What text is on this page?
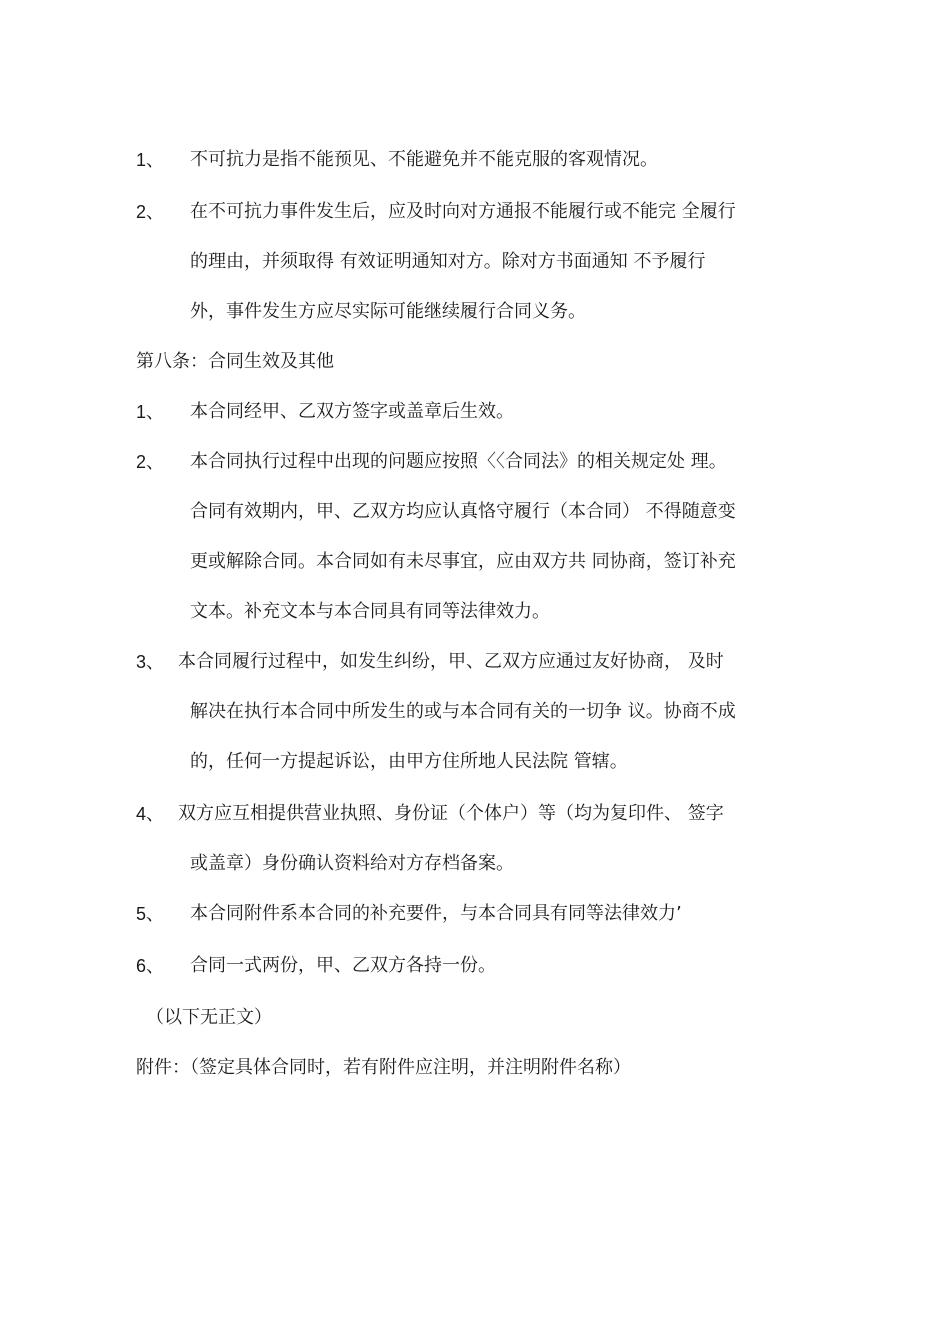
1、 不可抗力是指不能预见、不能避免并不能克服的客观情况。
2、 在不可抗力事件发生后，应及时向对方通报不能履行或不能完 全履行
的理由，并须取得 有效证明通知对方。除对方书面通知 不予履行
外，事件发生方应尽实际可能继续履行合同义务。
第八条：合同生效及其他
1、 本合同经甲、乙双方签字或盖章后生效。
2、 本合同执行过程中出现的问题应按照〈〈合同法》的相关规定处 理。
合同有效期内，甲、乙双方均应认真恪守履行（本合同） 不得随意变
更或解除合同。本合同如有未尽事宜，应由双方共 同协商，签订补充
文本。补充文本与本合同具有同等法律效力。
3、 本合同履行过程中，如发生纠纷，甲、乙双方应通过友好协商， 及时
解决在执行本合同中所发生的或与本合同有关的一切争 议。协商不成
的，任何一方提起诉讼，由甲方住所地人民法院 管辖。
4、 双方应互相提供营业执照、身份证（个体户）等（均为复印件、 签字
或盖章）身份确认资料给对方存档备案。
5、 本合同附件系本合同的补充要件，与本合同具有同等法律效力’
6、 合同一式两份，甲、乙双方各持一份。
（以下无正文）
附件：（签定具体合同时，若有附件应注明，并注明附件名称）
